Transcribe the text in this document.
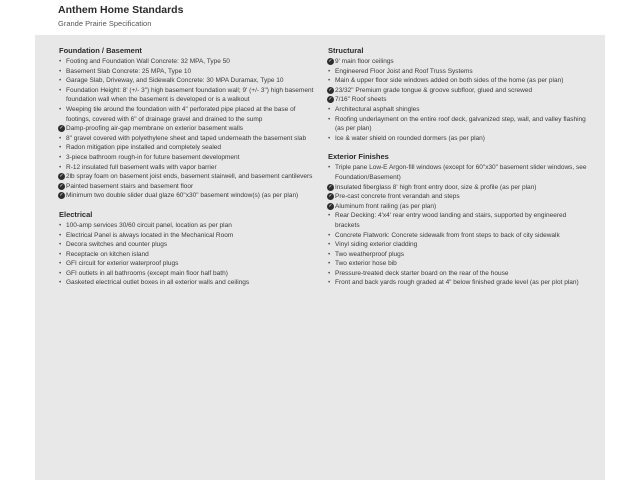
Anthem Home Standards
Grande Prairie Specification
Foundation / Basement
• Footing and Foundation Wall Concrete: 32 MPA, Type 50
• Basement Slab Concrete: 25 MPA, Type 10
• Garage Slab, Driveway, and Sidewalk Concrete: 30 MPA Duramax, Type 10
• Foundation Height: 8' (+/- 3") high basement foundation wall; 9' (+/- 3") high basement foundation wall when the basement is developed or is a walkout
• Weeping tile around the foundation with 4" perforated pipe placed at the base of footings, covered with 6" of drainage gravel and drained to the sump
✓ Damp-proofing air-gap membrane on exterior basement walls
• 8" gravel covered with polyethylene sheet and taped underneath the basement slab
• Radon mitigation pipe installed and completely sealed
• 3-piece bathroom rough-in for future basement development
• R-12 insulated full basement walls with vapor barrier
✓ 2lb spray foam on basement joist ends, basement stairwell, and basement cantilevers
✓ Painted basement stairs and basement floor
✓ Minimum two double slider dual glaze 60"x30" basement window(s) (as per plan)
Electrical
• 100-amp services 30/60 circuit panel, location as per plan
• Electrical Panel is always located in the Mechanical Room
• Decora switches and counter plugs
• Receptacle on kitchen island
• GFI circuit for exterior waterproof plugs
• GFI outlets in all bathrooms (except main floor half bath)
• Gasketed electrical outlet boxes in all exterior walls and ceilings
Structural
✓ 9' main floor ceilings
• Engineered Floor Joist and Roof Truss Systems
• Main & upper floor side windows added on both sides of the home (as per plan)
✓ 23/32" Premium grade tongue & groove subfloor, glued and screwed
✓ 7/16" Roof sheets
• Architectural asphalt shingles
• Roofing underlayment on the entire roof deck, galvanized step, wall, and valley flashing (as per plan)
• Ice & water shield on rounded dormers (as per plan)
Exterior Finishes
• Triple pane Low-E Argon-fill windows (except for 60"x30" basement slider windows, see Foundation/Basement)
✓ Insulated fiberglass 8' high front entry door, size & profile (as per plan)
✓ Pre-cast concrete front verandah and steps
✓ Aluminum front railing (as per plan)
• Rear Decking: 4'x4' rear entry wood landing and stairs, supported by engineered brackets
• Concrete Flatwork: Concrete sidewalk from front steps to back of city sidewalk
• Vinyl siding exterior cladding
• Two weatherproof plugs
• Two exterior hose bib
• Pressure-treated deck starter board on the rear of the house
• Front and back yards rough graded at 4" below finished grade level (as per plot plan)
